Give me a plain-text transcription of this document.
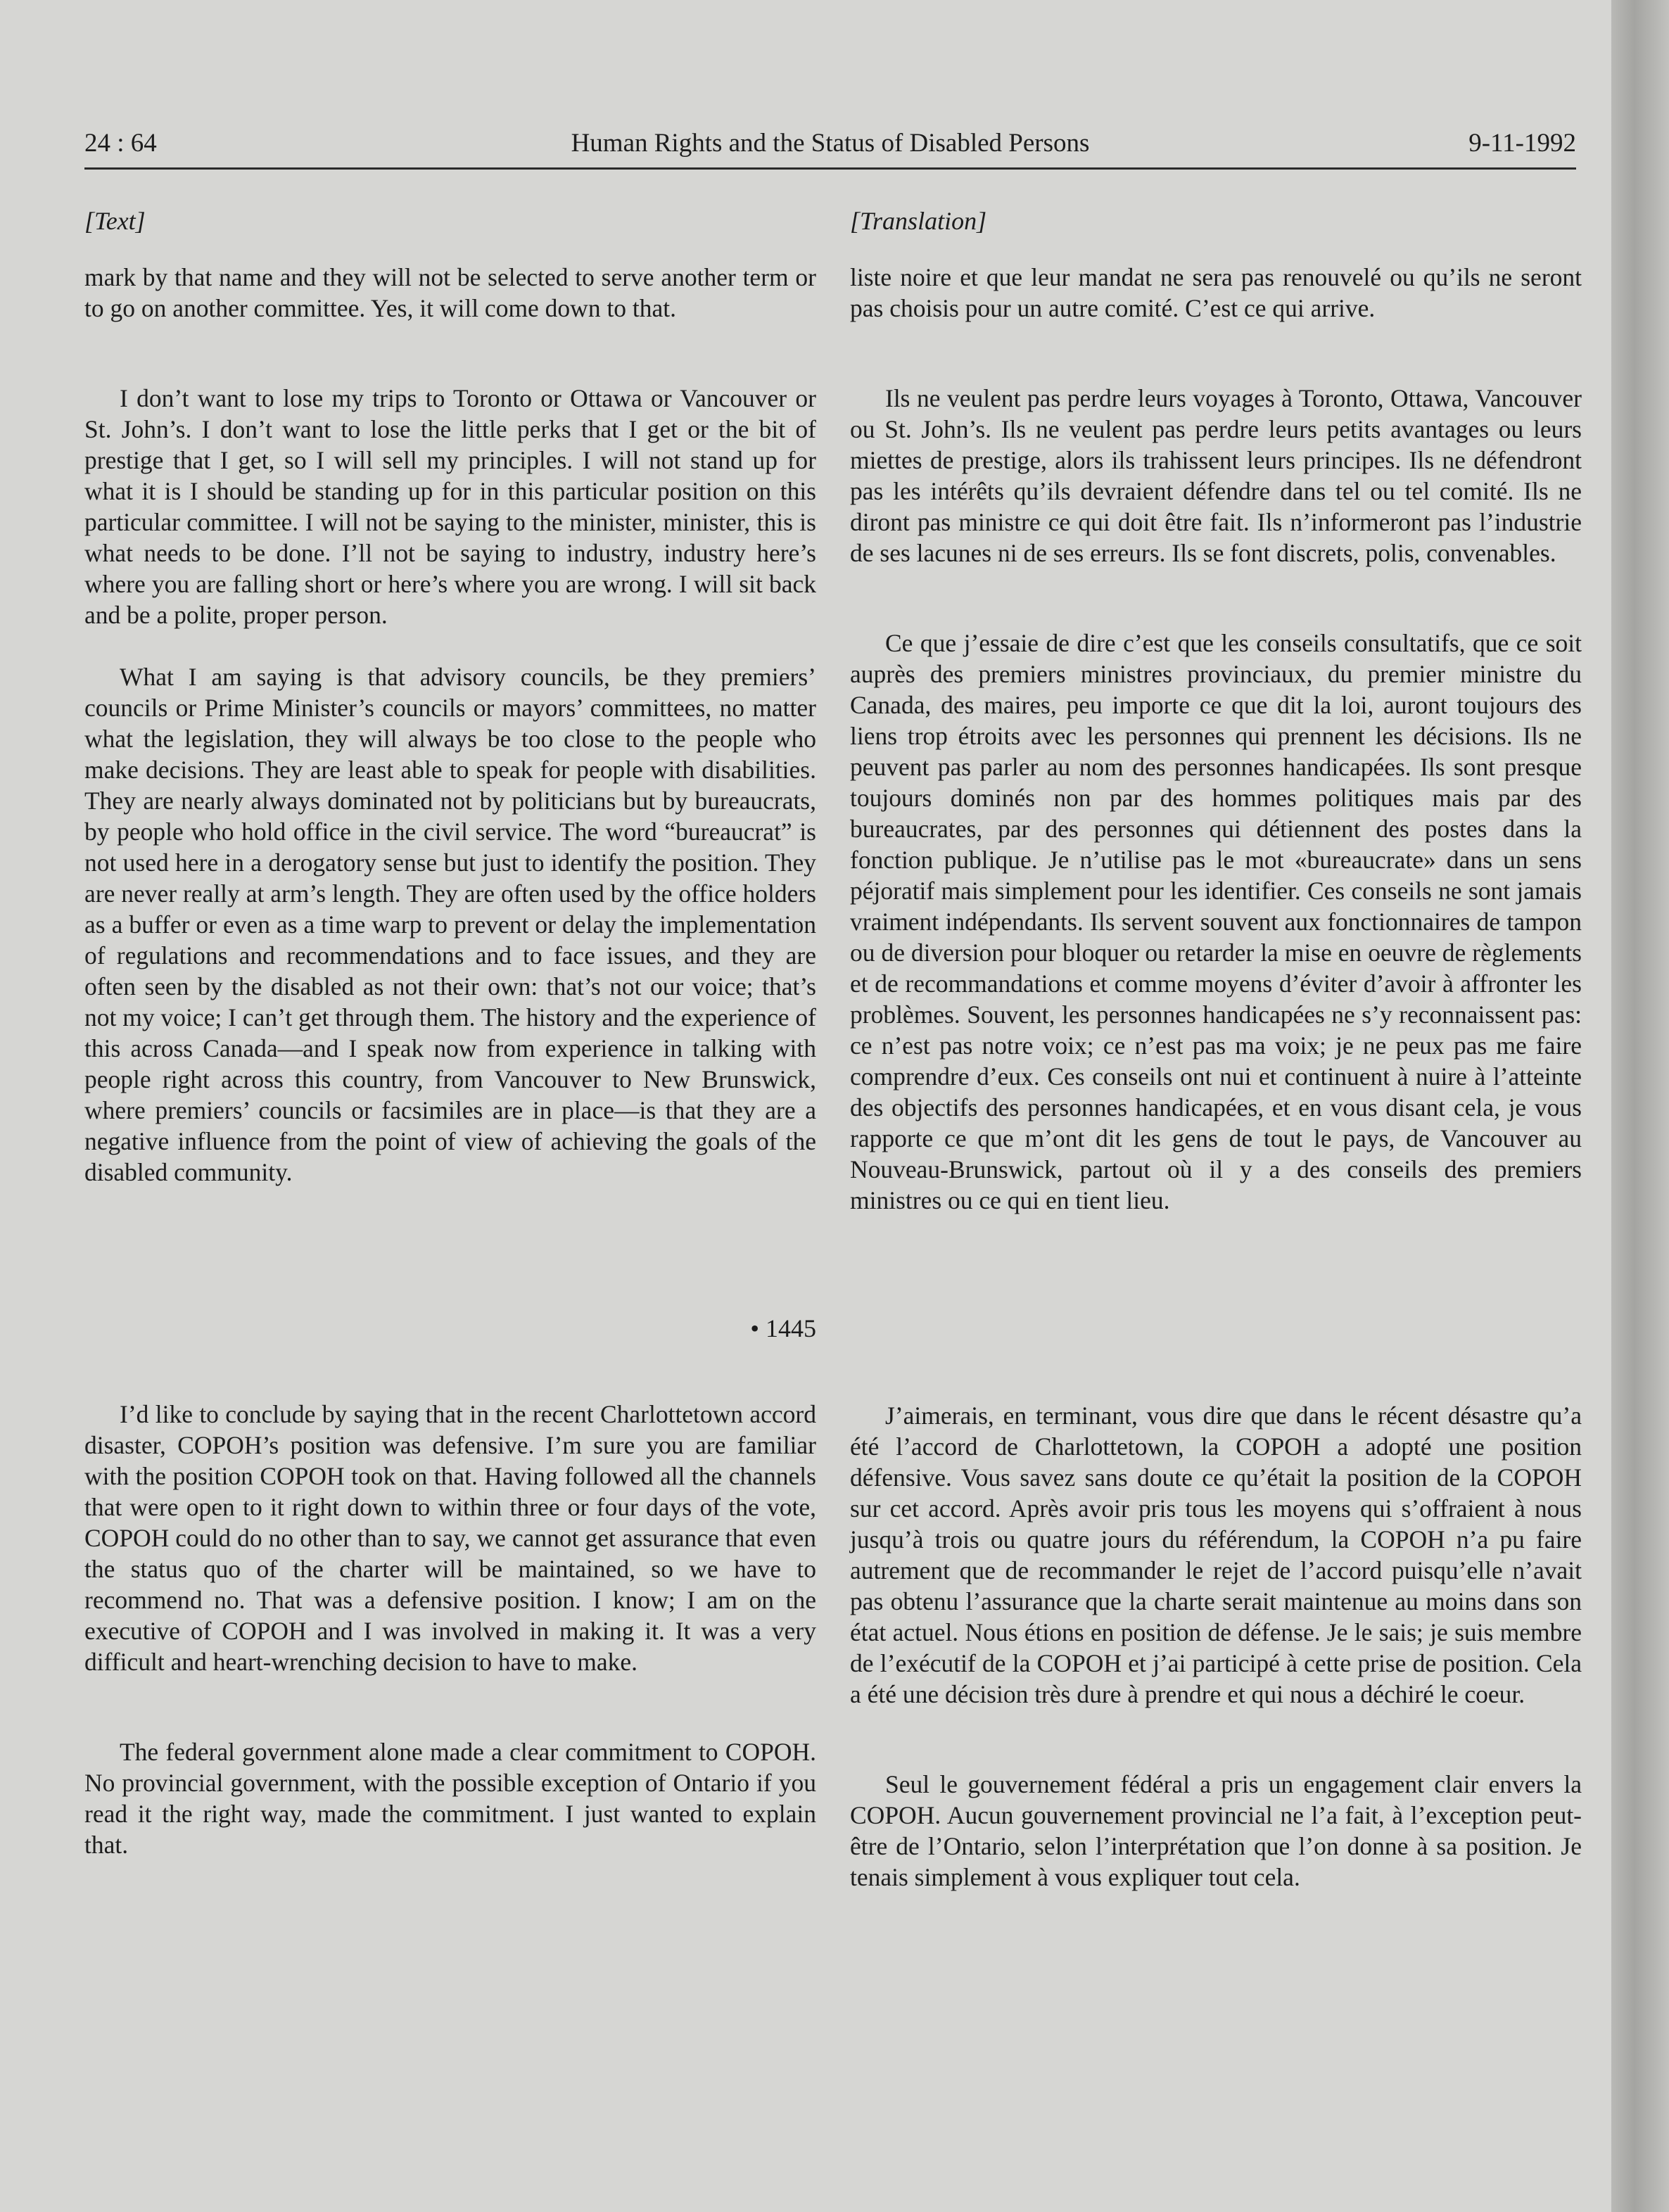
24 : 64	Human Rights and the Status of Disabled Persons	9-11-1992
[Text]

mark by that name and they will not be selected to serve another term or to go on another committee. Yes, it will come down to that.

I don’t want to lose my trips to Toronto or Ottawa or Vancouver or St. John’s. I don’t want to lose the little perks that I get or the bit of prestige that I get, so I will sell my principles. I will not stand up for what it is I should be standing up for in this particular position on this particular committee. I will not be saying to the minister, minister, this is what needs to be done. I’ll not be saying to industry, industry here’s where you are falling short or here’s where you are wrong. I will sit back and be a polite, proper person.

What I am saying is that advisory councils, be they premiers’ councils or Prime Minister’s councils or mayors’ committees, no matter what the legislation, they will always be too close to the people who make decisions. They are least able to speak for people with disabilities. They are nearly always dominated not by politicians but by bureaucrats, by people who hold office in the civil service. The word “bureaucrat” is not used here in a derogatory sense but just to identify the position. They are never really at arm’s length. They are often used by the office holders as a buffer or even as a time warp to prevent or delay the implementation of regulations and recommendations and to face issues, and they are often seen by the disabled as not their own: that’s not our voice; that’s not my voice; I can’t get through them. The history and the experience of this across Canada—and I speak now from experience in talking with people right across this country, from Vancouver to New Brunswick, where premiers’ councils or facsimiles are in place—is that they are a negative influence from the point of view of achieving the goals of the disabled community.

• 1445

I’d like to conclude by saying that in the recent Charlottetown accord disaster, COPOH’s position was defensive. I’m sure you are familiar with the position COPOH took on that. Having followed all the channels that were open to it right down to within three or four days of the vote, COPOH could do no other than to say, we cannot get assurance that even the status quo of the charter will be maintained, so we have to recommend no. That was a defensive position. I know; I am on the executive of COPOH and I was involved in making it. It was a very difficult and heart-wrenching decision to have to make.

The federal government alone made a clear commitment to COPOH. No provincial government, with the possible exception of Ontario if you read it the right way, made the commitment. I just wanted to explain that.

[Translation]

liste noire et que leur mandat ne sera pas renouvelé ou qu’ils ne seront pas choisis pour un autre comité. C’est ce qui arrive.

Ils ne veulent pas perdre leurs voyages à Toronto, Ottawa, Vancouver ou St. John’s. Ils ne veulent pas perdre leurs petits avantages ou leurs miettes de prestige, alors ils trahissent leurs principes. Ils ne défendront pas les intérêts qu’ils devraient défendre dans tel ou tel comité. Ils ne diront pas ministre ce qui doit être fait. Ils n’informeront pas l’industrie de ses lacunes ni de ses erreurs. Ils se font discrets, polis, convenables.

Ce que j’essaie de dire c’est que les conseils consultatifs, que ce soit auprès des premiers ministres provinciaux, du premier ministre du Canada, des maires, peu importe ce que dit la loi, auront toujours des liens trop étroits avec les personnes qui prennent les décisions. Ils ne peuvent pas parler au nom des personnes handicapées. Ils sont presque toujours dominés non par des hommes politiques mais par des bureaucrates, par des personnes qui détiennent des postes dans la fonction publique. Je n’utilise pas le mot «bureaucrate» dans un sens péjoratif mais simplement pour les identifier. Ces conseils ne sont jamais vraiment indépendants. Ils servent souvent aux fonctionnaires de tampon ou de diversion pour bloquer ou retarder la mise en oeuvre de règlements et de recommandations et comme moyens d’éviter d’avoir à affronter les problèmes. Souvent, les personnes handicapées ne s’y reconnaissent pas: ce n’est pas notre voix; ce n’est pas ma voix; je ne peux pas me faire comprendre d’eux. Ces conseils ont nui et continuent à nuire à l’atteinte des objectifs des personnes handicapées, et en vous disant cela, je vous rapporte ce que m’ont dit les gens de tout le pays, de Vancouver au Nouveau-Brunswick, partout où il y a des conseils des premiers ministres ou ce qui en tient lieu.

J’aimerais, en terminant, vous dire que dans le récent désastre qu’a été l’accord de Charlottetown, la COPOH a adopté une position défensive. Vous savez sans doute ce qu’était la position de la COPOH sur cet accord. Après avoir pris tous les moyens qui s’offraient à nous jusqu’à trois ou quatre jours du référendum, la COPOH n’a pu faire autrement que de recommander le rejet de l’accord puisqu’elle n’avait pas obtenu l’assurance que la charte serait maintenue au moins dans son état actuel. Nous étions en position de défense. Je le sais; je suis membre de l’exécutif de la COPOH et j’ai participé à cette prise de position. Cela a été une décision très dure à prendre et qui nous a déchiré le coeur.

Seul le gouvernement fédéral a pris un engagement clair envers la COPOH. Aucun gouvernement provincial ne l’a fait, à l’exception peut-être de l’Ontario, selon l’interprétation que l’on donne à sa position. Je tenais simplement à vous expliquer tout cela.
